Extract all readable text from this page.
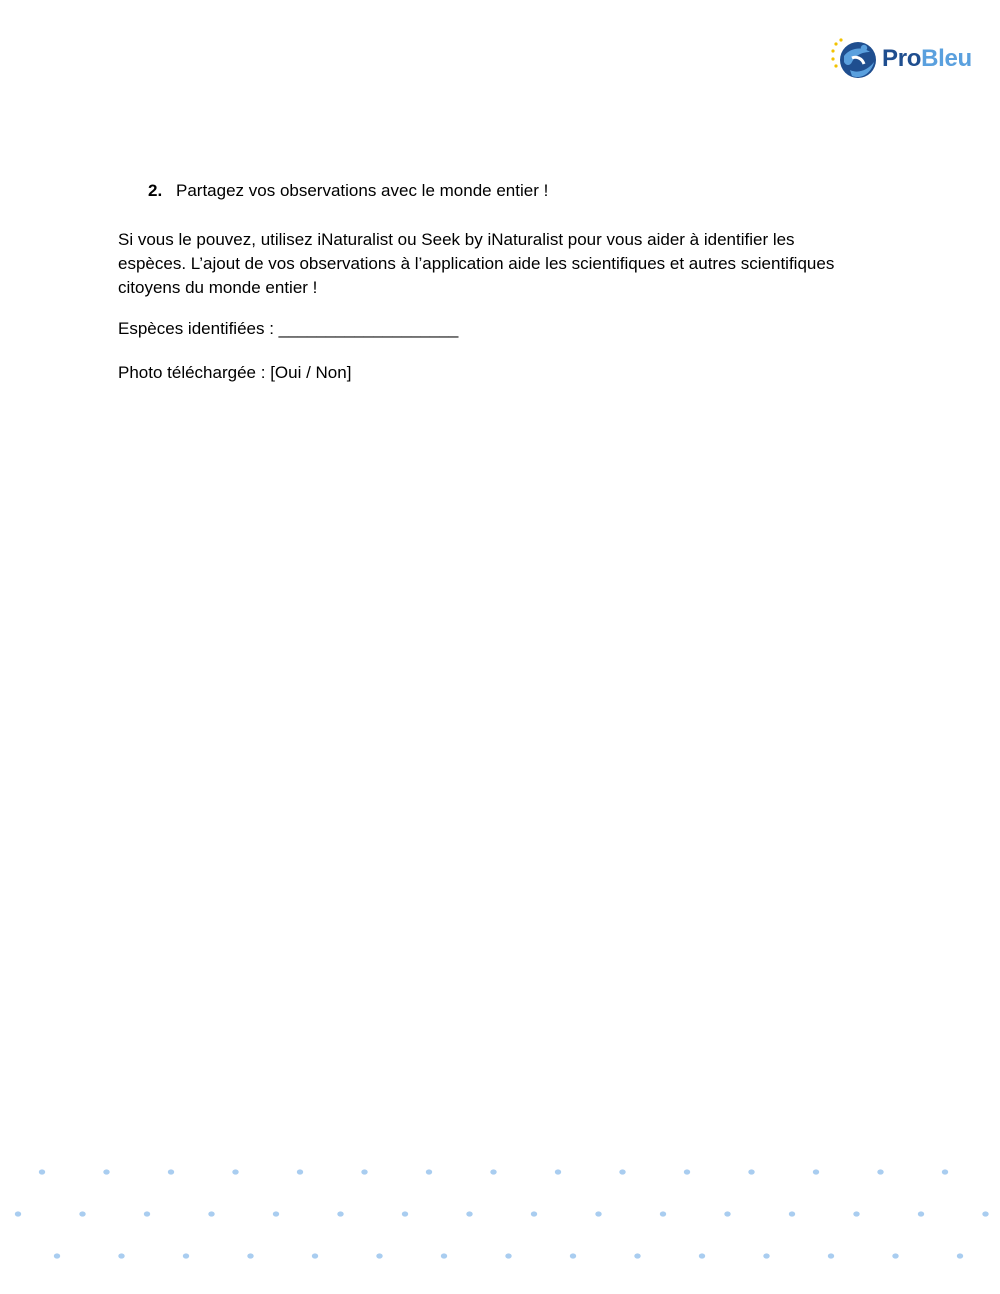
ProBleu
2. Partagez vos observations avec le monde entier !
Si vous le pouvez, utilisez iNaturalist ou Seek by iNaturalist pour vous aider à identifier les
espèces. L’ajout de vos observations à l’application aide les scientifiques et autres scientifiques
citoyens du monde entier !
Espèces identifiées : ___________________
Photo téléchargée : [Oui / Non]
